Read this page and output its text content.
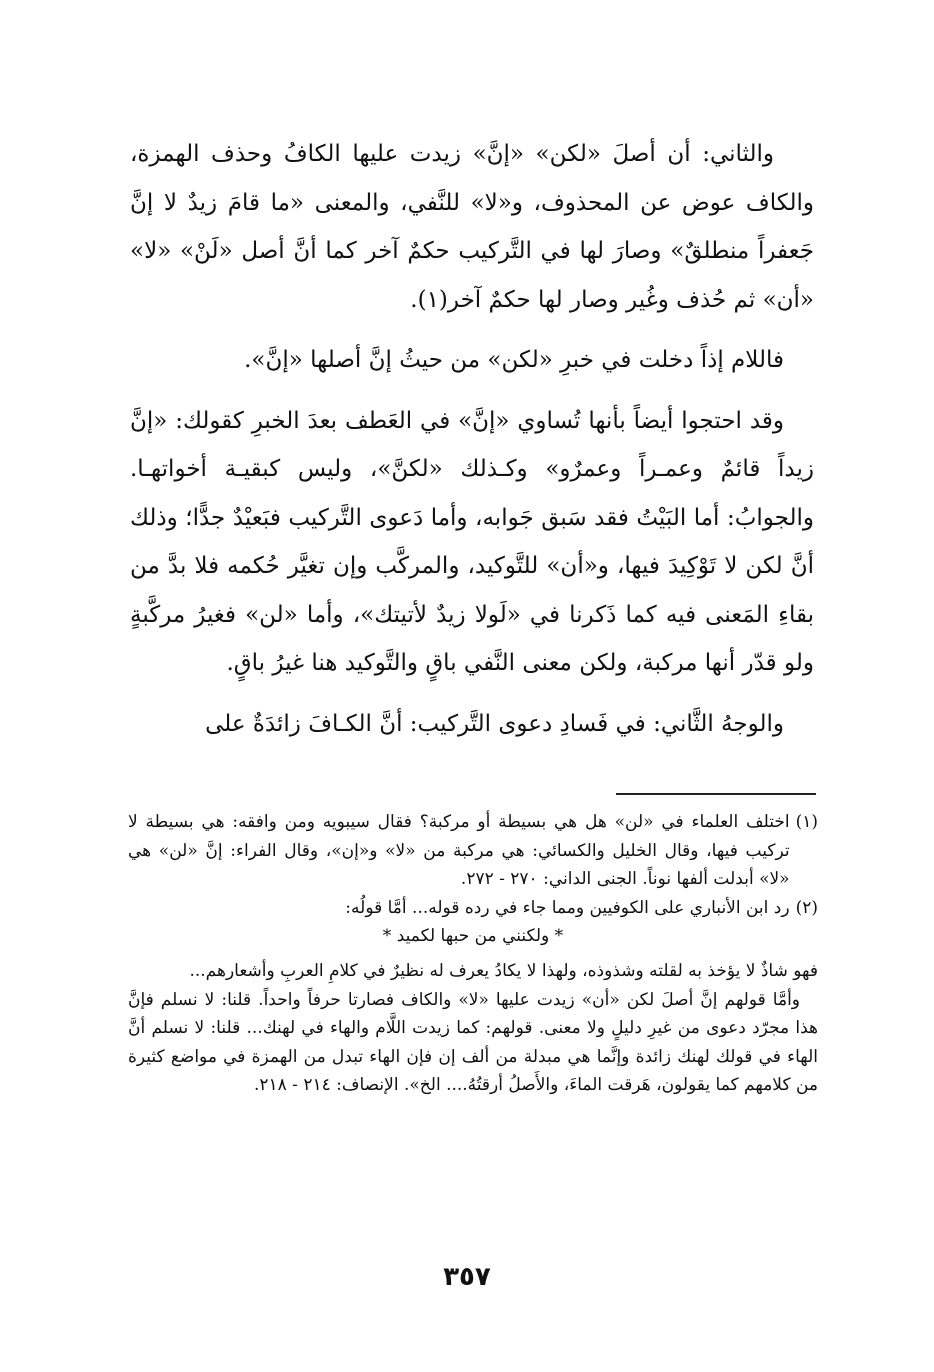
والثاني: أن أصلَ «لكن» «إنَّ» زيدت عليها الكافُ وحذف الهمزة، والكاف عوض عن المحذوف، و«لا» للنَّفي، والمعنى «ما قامَ زيدٌ لا إنَّ جَعفراً منطلقٌ» وصارَ لها في التَّركيب حكمٌ آخر كما أنَّ أصل «لَنْ» «لا» «أن» ثم حُذف وغُير وصار لها حكمٌ آخر(١).

فاللام إذاً دخلت في خبرِ «لكن» من حيثُ إنَّ أصلها «إنَّ».

وقد احتجوا أيضاً بأنها تُساوي «إنَّ» في العَطف بعدَ الخبرِ كقولك: «إنَّ زيداً قائمٌ وعمـراً وعمرٌو» وكـذلك «لكنَّ»، وليس كبقيـة أخواتهـا. والجوابُ: أما البَيْتُ فقد سَبق جَوابه، وأما دَعوى التَّركيب فبَعيْدٌ جدًّا؛ وذلك أنَّ لكن لا تَوْكِيدَ فيها، و«أن» للتَّوكيد، والمركَّب وإن تغيَّر حُكمه فلا بدَّ من بقاءِ المَعنى فيه كما ذَكرنا في «لَولا زيدٌ لأتيتك»، وأما «لن» فغيرُ مركَّبةٍ ولو قدّر أنها مركبة، ولكن معنى النَّفي باقٍ والتَّوكيد هنا غيرُ باقٍ.

والوجهُ الثَّاني: في فَسادِ دعوى التَّركيب: أنَّ الكـافَ زائدَةٌ على

(١)

اختلف العلماء في «لن» هل هي بسيطة أو مركبة؟ فقال سيبويه ومن وافقه: هي بسيطة لا تركيب فيها، وقال الخليل والكسائي: هي مركبة من «لا» و«إن»، وقال الفراء: إنَّ «لن» هي «لا» أبدلت ألفها نوناً. الجنى الداني: ٢٧٠ - ٢٧٢.

(٢)

رد ابن الأنباري على الكوفيين ومما جاء في رده قوله... أمَّا قولُه:

* ولكنني من حبها لكميد *

فهو شاذٌ لا يؤخذ به لقلته وشذوذه، ولهذا لا يكادُ يعرف له نظيرٌ في كلامِ العربِ وأشعارهم...

وأمَّا قولهم إنَّ أصلَ لكن «أن» زيدت عليها «لا» والكاف فصارتا حرفاً واحداً. قلنا: لا نسلم فإنَّ هذا مجرّد دعوى من غيرِ دليلٍ ولا معنى. قولهم: كما زيدت اللَّام والهاء في لهنك... قلنا: لا نسلم أنَّ الهاء في قولك لهنك زائدة وإنَّما هي مبدلة من ألف إن فإن الهاء تبدل من الهمزة في مواضع كثيرة من كلامهم كما يقولون، هَرقت الماءَ، والأَصلُ أرقتُهُ.... الخ». الإنصاف: ٢١٤ - ٢١٨.

٣٥٧
